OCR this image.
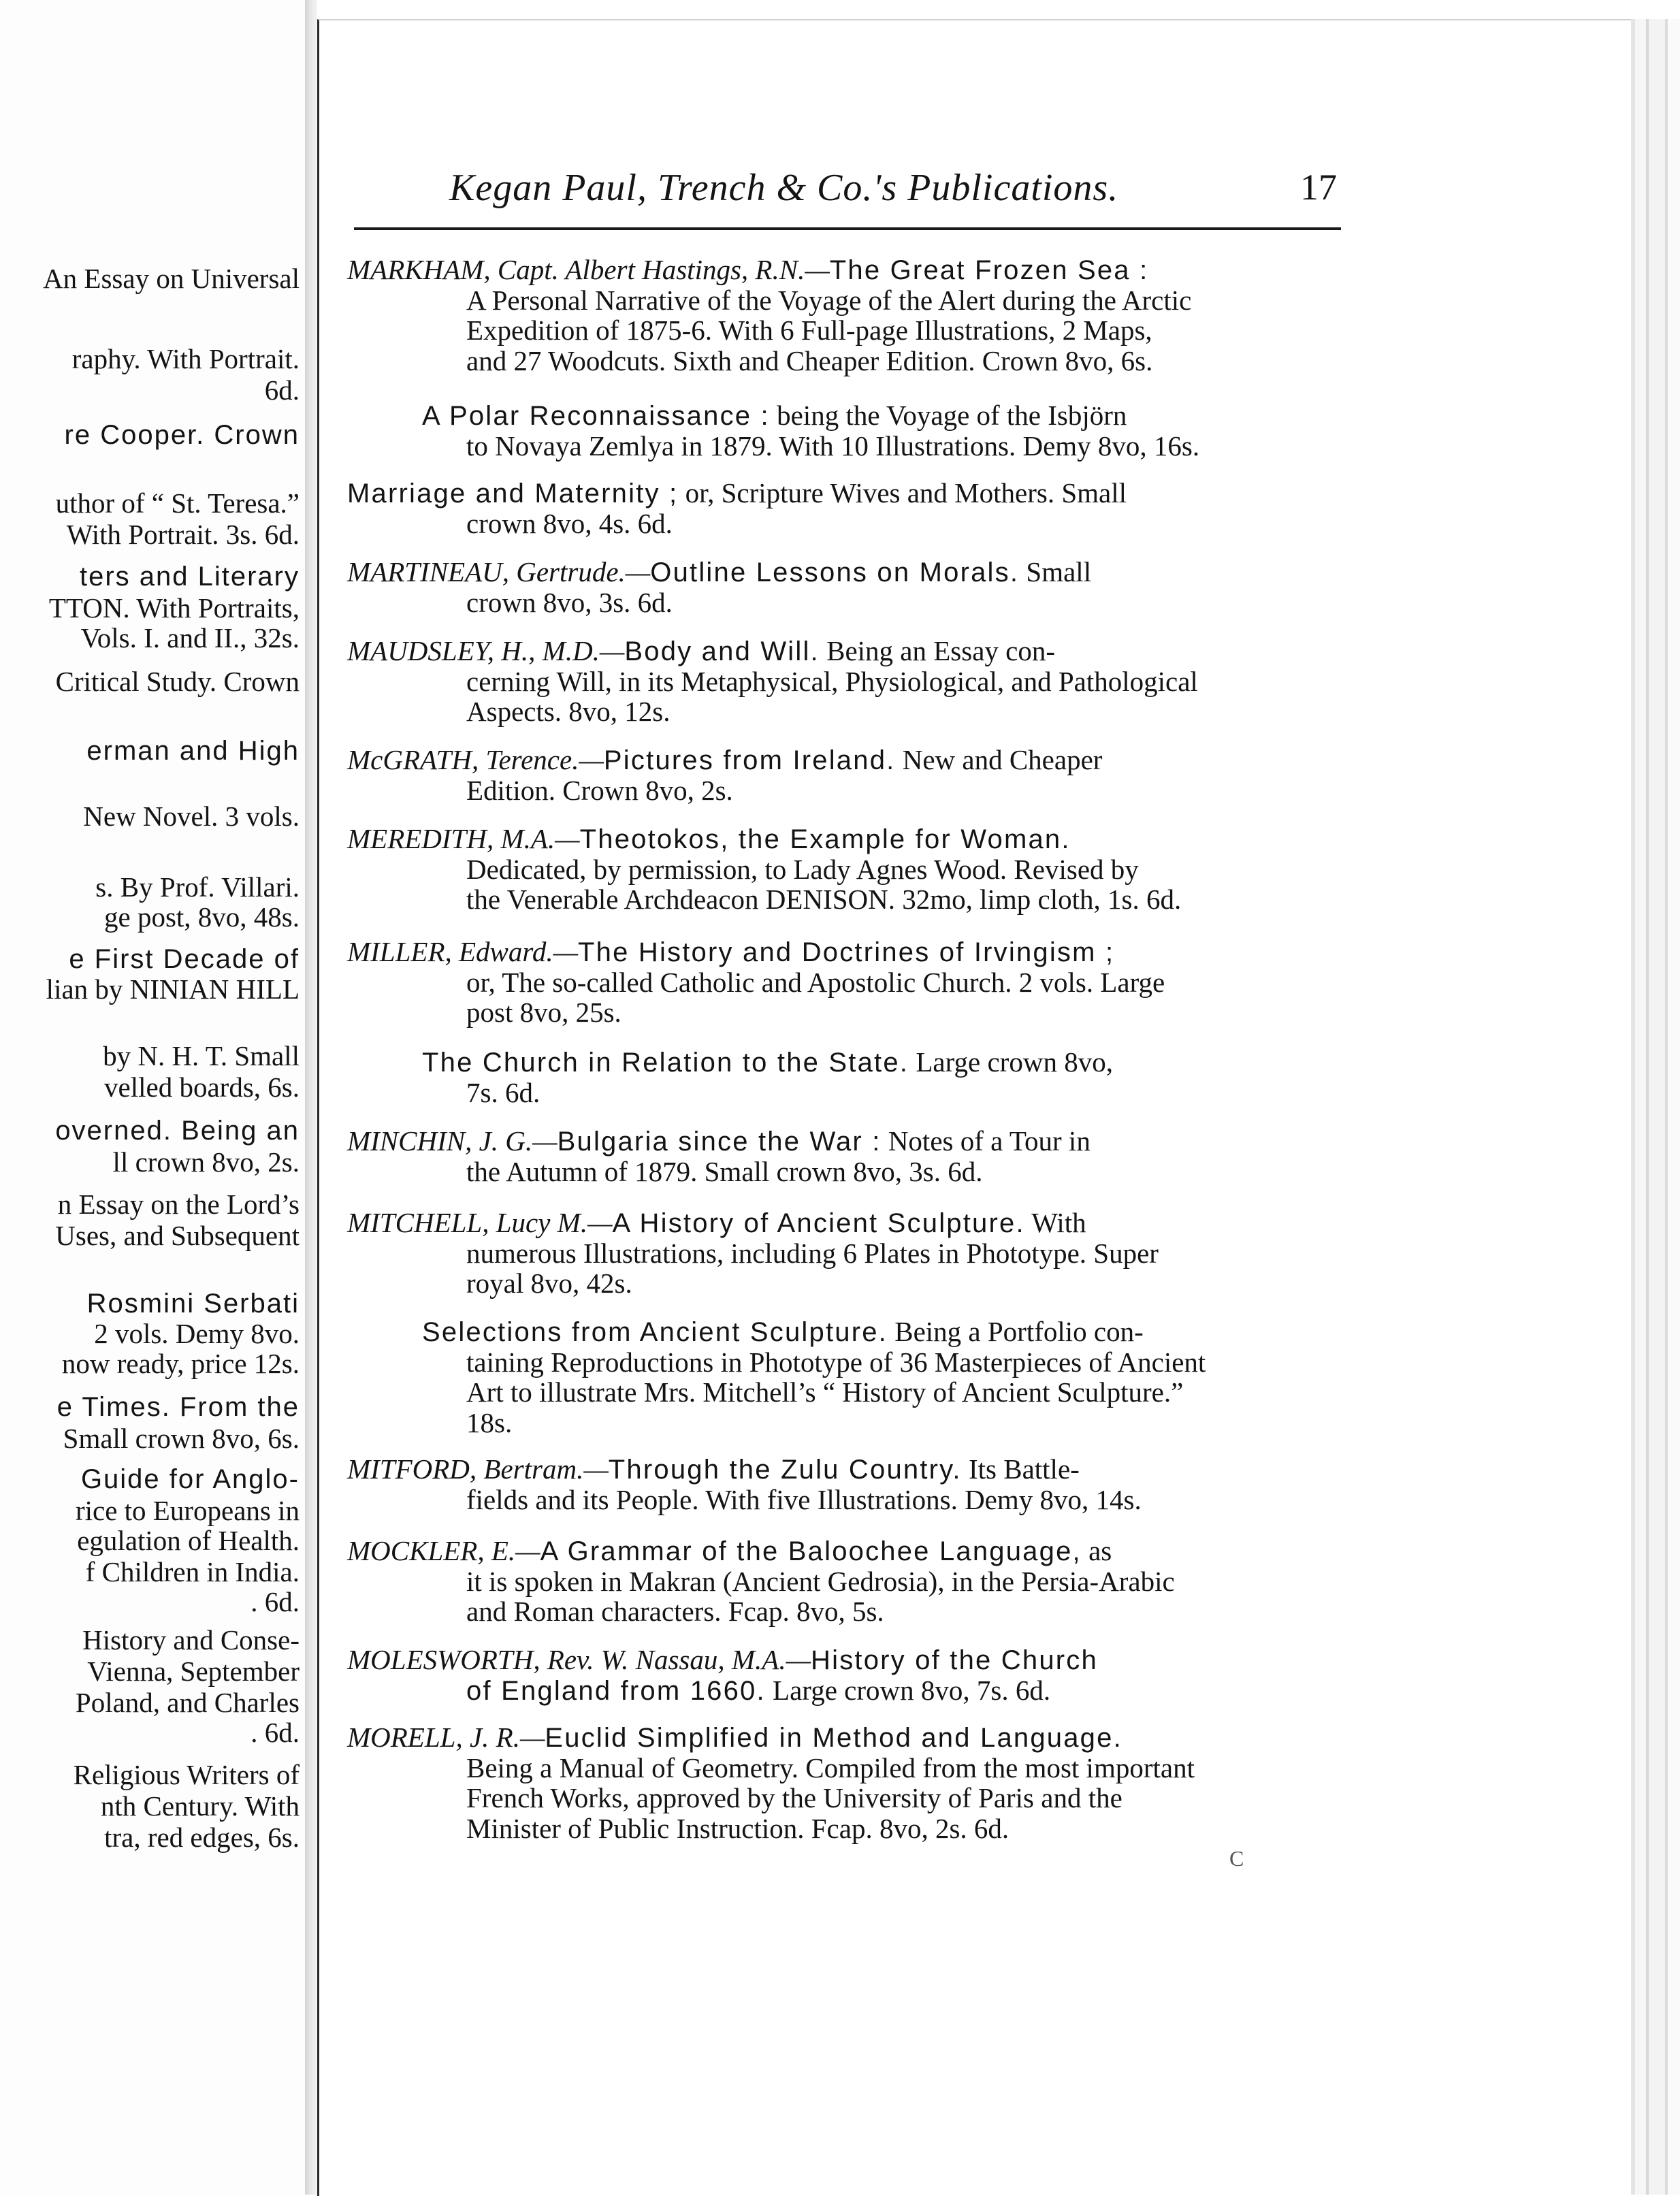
An Essay on Universal
raphy. With Portrait.
6d.
re Cooper. Crown
uthor of “ St. Teresa.”
With Portrait. 3s. 6d.
ters and Literary
TTON. With Portraits,
Vols. I. and II., 32s.
Critical Study. Crown
erman and High
New Novel. 3 vols.
s. By Prof. Villari.
ge post, 8vo, 48s.
e First Decade of
lian by NINIAN HILL
by N. H. T. Small
velled boards, 6s.
overned. Being an
ll crown 8vo, 2s.
n Essay on the Lord’s
Uses, and Subsequent
Rosmini Serbati
2 vols. Demy 8vo.
now ready, price 12s.
e Times. From the
Small crown 8vo, 6s.
Guide for Anglo-
rice to Europeans in
egulation of Health.
f Children in India.
. 6d.
History and Conse-
Vienna, September
Poland, and Charles
. 6d.
Religious Writers of
nth Century. With
tra, red edges, 6s.
Kegan Paul, Trench & Co.'s Publications.	17
MARKHAM, Capt. Albert Hastings, R.N.—The Great Frozen Sea :
A Personal Narrative of the Voyage of the Alert during the Arctic
Expedition of 1875-6. With 6 Full-page Illustrations, 2 Maps,
and 27 Woodcuts. Sixth and Cheaper Edition. Crown 8vo, 6s.
A Polar Reconnaissance : being the Voyage of the Isbjörn
to Novaya Zemlya in 1879. With 10 Illustrations. Demy 8vo, 16s.
Marriage and Maternity ; or, Scripture Wives and Mothers. Small
crown 8vo, 4s. 6d.
MARTINEAU, Gertrude.—Outline Lessons on Morals. Small
crown 8vo, 3s. 6d.
MAUDSLEY, H., M.D.—Body and Will. Being an Essay con-
cerning Will, in its Metaphysical, Physiological, and Pathological
Aspects. 8vo, 12s.
McGRATH, Terence.—Pictures from Ireland. New and Cheaper
Edition. Crown 8vo, 2s.
MEREDITH, M.A.—Theotokos, the Example for Woman.
Dedicated, by permission, to Lady Agnes Wood. Revised by
the Venerable Archdeacon DENISON. 32mo, limp cloth, 1s. 6d.
MILLER, Edward.—The History and Doctrines of Irvingism ;
or, The so-called Catholic and Apostolic Church. 2 vols. Large
post 8vo, 25s.
The Church in Relation to the State. Large crown 8vo,
7s. 6d.
MINCHIN, J. G.—Bulgaria since the War : Notes of a Tour in
the Autumn of 1879. Small crown 8vo, 3s. 6d.
MITCHELL, Lucy M.—A History of Ancient Sculpture. With
numerous Illustrations, including 6 Plates in Phototype. Super
royal 8vo, 42s.
Selections from Ancient Sculpture. Being a Portfolio con-
taining Reproductions in Phototype of 36 Masterpieces of Ancient
Art to illustrate Mrs. Mitchell’s “ History of Ancient Sculpture.”
18s.
MITFORD, Bertram.—Through the Zulu Country. Its Battle-
fields and its People. With five Illustrations. Demy 8vo, 14s.
MOCKLER, E.—A Grammar of the Baloochee Language, as
it is spoken in Makran (Ancient Gedrosia), in the Persia-Arabic
and Roman characters. Fcap. 8vo, 5s.
MOLESWORTH, Rev. W. Nassau, M.A.—History of the Church
of England from 1660. Large crown 8vo, 7s. 6d.
MORELL, J. R.—Euclid Simplified in Method and Language.
Being a Manual of Geometry. Compiled from the most important
French Works, approved by the University of Paris and the
Minister of Public Instruction. Fcap. 8vo, 2s. 6d.
C
